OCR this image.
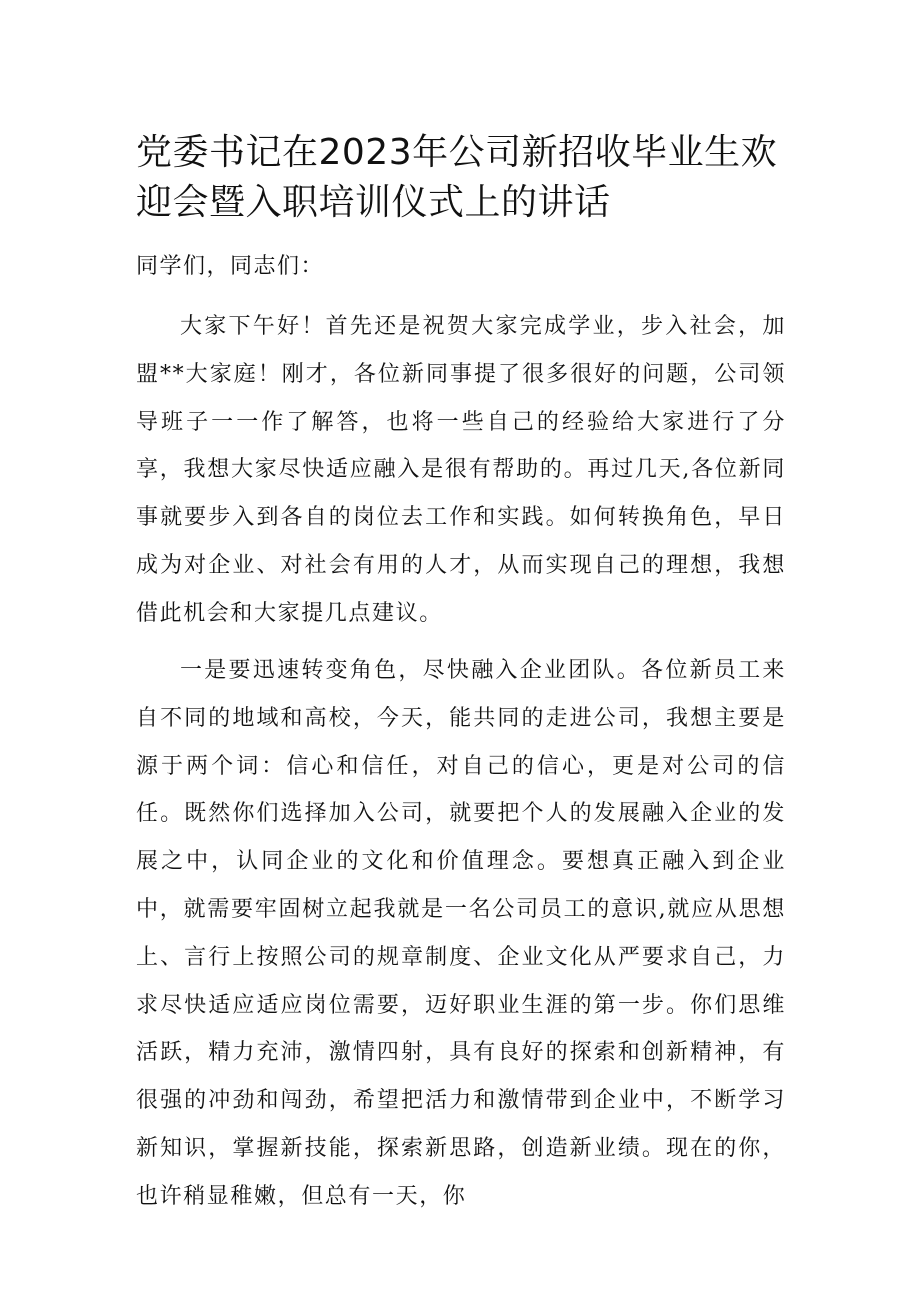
党委书记在2023年公司新招收毕业生欢迎会暨入职培训仪式上的讲话

同学们，同志们：

大家下午好！首先还是祝贺大家完成学业，步入社会，加盟**大家庭！刚才，各位新同事提了很多很好的问题，公司领导班子一一作了解答，也将一些自己的经验给大家进行了分享，我想大家尽快适应融入是很有帮助的。再过几天,各位新同事就要步入到各自的岗位去工作和实践。如何转换角色，早日成为对企业、对社会有用的人才，从而实现自己的理想，我想借此机会和大家提几点建议。

一是要迅速转变角色，尽快融入企业团队。各位新员工来自不同的地域和高校，今天，能共同的走进公司，我想主要是源于两个词：信心和信任，对自己的信心，更是对公司的信任。既然你们选择加入公司，就要把个人的发展融入企业的发展之中，认同企业的文化和价值理念。要想真正融入到企业中，就需要牢固树立起我就是一名公司员工的意识,就应从思想上、言行上按照公司的规章制度、企业文化从严要求自己，力求尽快适应适应岗位需要，迈好职业生涯的第一步。你们思维活跃，精力充沛，激情四射，具有良好的探索和创新精神，有很强的冲劲和闯劲，希望把活力和激情带到企业中，不断学习新知识，掌握新技能，探索新思路，创造新业绩。现在的你，也许稍显稚嫩，但总有一天，你
